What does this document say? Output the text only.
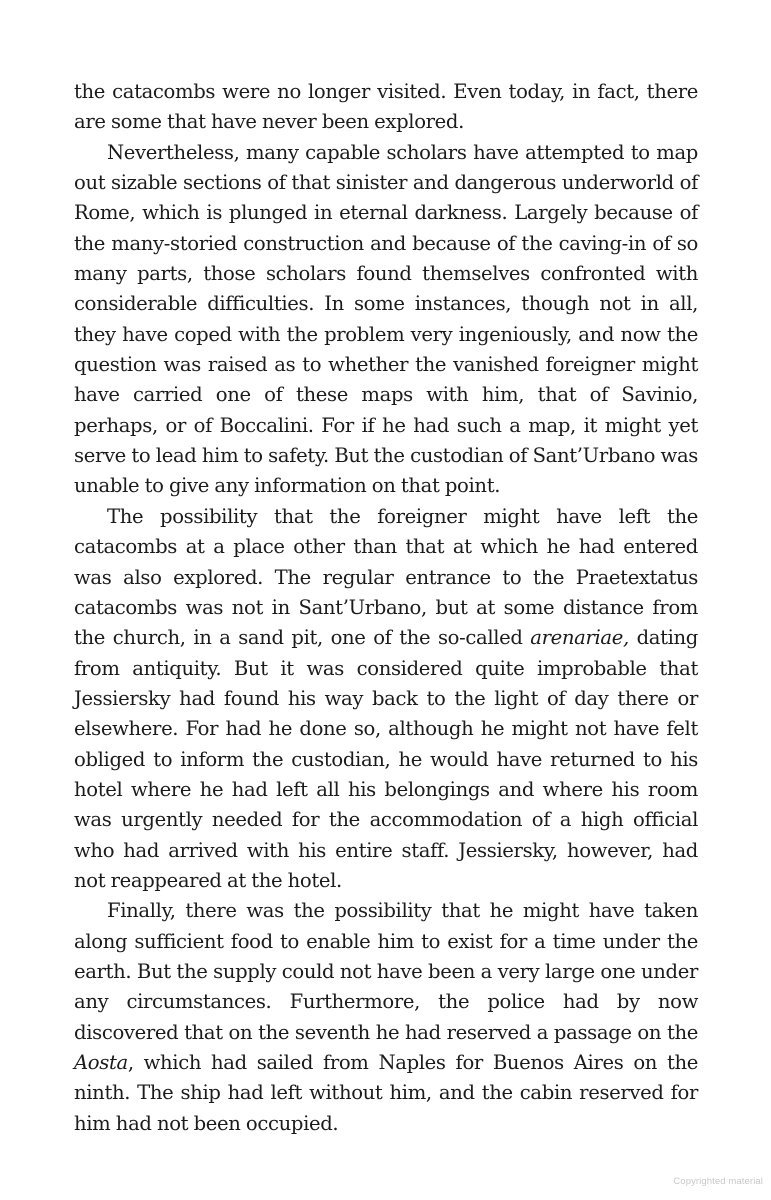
the catacombs were no longer visited. Even today, in fact, there are some that have never been explored.

Nevertheless, many capable scholars have attempted to map out sizable sections of that sinister and dangerous underworld of Rome, which is plunged in eternal darkness. Largely because of the many-storied construction and because of the caving-in of so many parts, those scholars found themselves confronted with considerable difficulties. In some instances, though not in all, they have coped with the problem very ingeniously, and now the question was raised as to whether the vanished foreigner might have carried one of these maps with him, that of Savinio, perhaps, or of Boccalini. For if he had such a map, it might yet serve to lead him to safety. But the custodian of Sant’Urbano was unable to give any information on that point.

The possibility that the foreigner might have left the catacombs at a place other than that at which he had entered was also explored. The regular entrance to the Praetextatus catacombs was not in Sant’Urbano, but at some distance from the church, in a sand pit, one of the so-called arenariae, dating from antiquity. But it was considered quite improbable that Jessiersky had found his way back to the light of day there or elsewhere. For had he done so, although he might not have felt obliged to inform the custodian, he would have returned to his hotel where he had left all his belongings and where his room was urgently needed for the accommodation of a high official who had arrived with his entire staff. Jessiersky, however, had not reappeared at the hotel.

Finally, there was the possibility that he might have taken along sufficient food to enable him to exist for a time under the earth. But the supply could not have been a very large one under any circumstances. Furthermore, the police had by now discovered that on the seventh he had reserved a passage on the Aosta, which had sailed from Naples for Buenos Aires on the ninth. The ship had left without him, and the cabin reserved for him had not been occupied.

Copyrighted material
